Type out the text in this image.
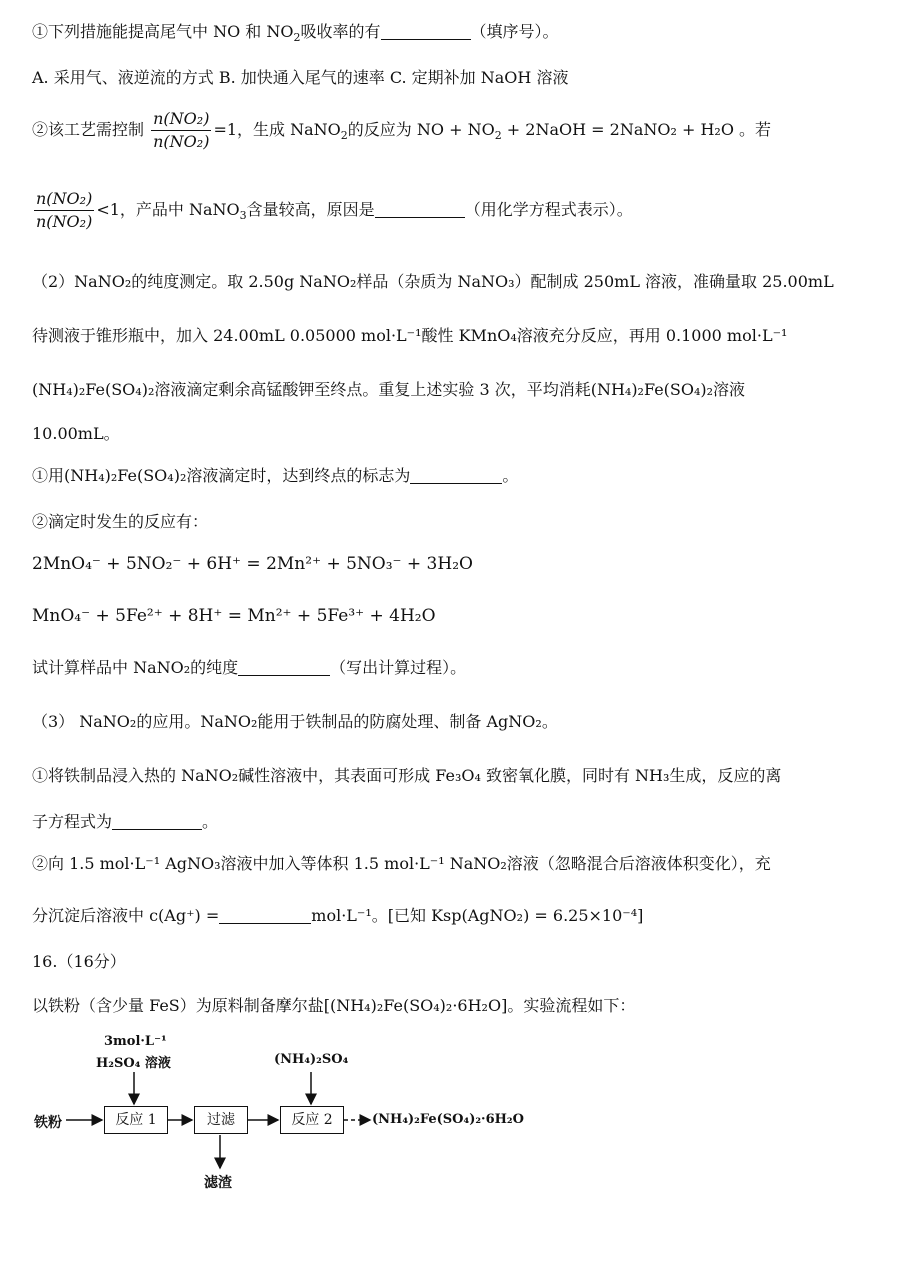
①下列措施能提高尾气中 NO 和 $NO_2$吸收率的有	（填序号）。
A. 采用气、液逆流的方式 B. 加快通入尾气的速率 C. 定期补加 NaOH 溶液
②该工艺需控制 $\frac{\text{n(NO₂)}}{\text{n(NO₂)}} =1$，生成 NaNO$_2$的反应为 NO + $NO_2$ + 2NaOH = 2NaNO₂ + H₂O 。若
$\frac{\text{n(NO₂)}}{\text{n(NO₂)}} <1$，产品中 NaNO$_3$含量较高，原因是	（用化学方程式表示）。
（2）NaNO₂的纯度测定。取 2.50g NaNO₂样品（杂质为 NaNO₃）配制成 250mL 溶液，准确量取 25.00mL
待测液于锥形瓶中，加入 24.00mL 0.05000 mol·L⁻¹酸性 KMnO₄溶液充分反应，再用 0.1000 mol·L⁻¹
(NH₄)₂Fe(SO₄)₂溶液滴定剩余高锰酸钾至终点。重复上述实验 3 次，平均消耗(NH₄)₂Fe(SO₄)₂溶液
10.00mL。
①用(NH₄)₂Fe(SO₄)₂溶液滴定时，达到终点的标志为	。
②滴定时发生的反应有：
2MnO₄⁻ + 5NO₂⁻ + 6H⁺ = 2Mn²⁺ + 5NO₃⁻ + 3H₂O
MnO₄⁻ + 5Fe²⁺ + 8H⁺ = Mn²⁺ + 5Fe³⁺ + 4H₂O
试计算样品中 NaNO₂的纯度	（写出计算过程）。
（3） NaNO₂的应用。NaNO₂能用于铁制品的防腐处理、制备 AgNO₂。
①将铁制品浸入热的 NaNO₂碱性溶液中，其表面可形成 Fe₃O₄ 致密氧化膜，同时有 NH₃生成，反应的离
子方程式为	。
②向 1.5 mol·L⁻¹ AgNO₃溶液中加入等体积 1.5 mol·L⁻¹ NaNO₂溶液（忽略混合后溶液体积变化），充
分沉淀后溶液中 c(Ag⁺) =	mol·L⁻¹。[已知 Ksp(AgNO₂) = 6.25×10⁻⁴]
16.（16分）
以铁粉（含少量 FeS）为原料制备摩尔盐[(NH₄)₂Fe(SO₄)₂·6H₂O]。实验流程如下：
3mol·L⁻¹
H₂SO₄ 溶液	(NH₄)₂SO₄
铁粉	反应 1	过滤	反应 2	(NH₄)₂Fe(SO₄)₂·6H₂O
滤渣
